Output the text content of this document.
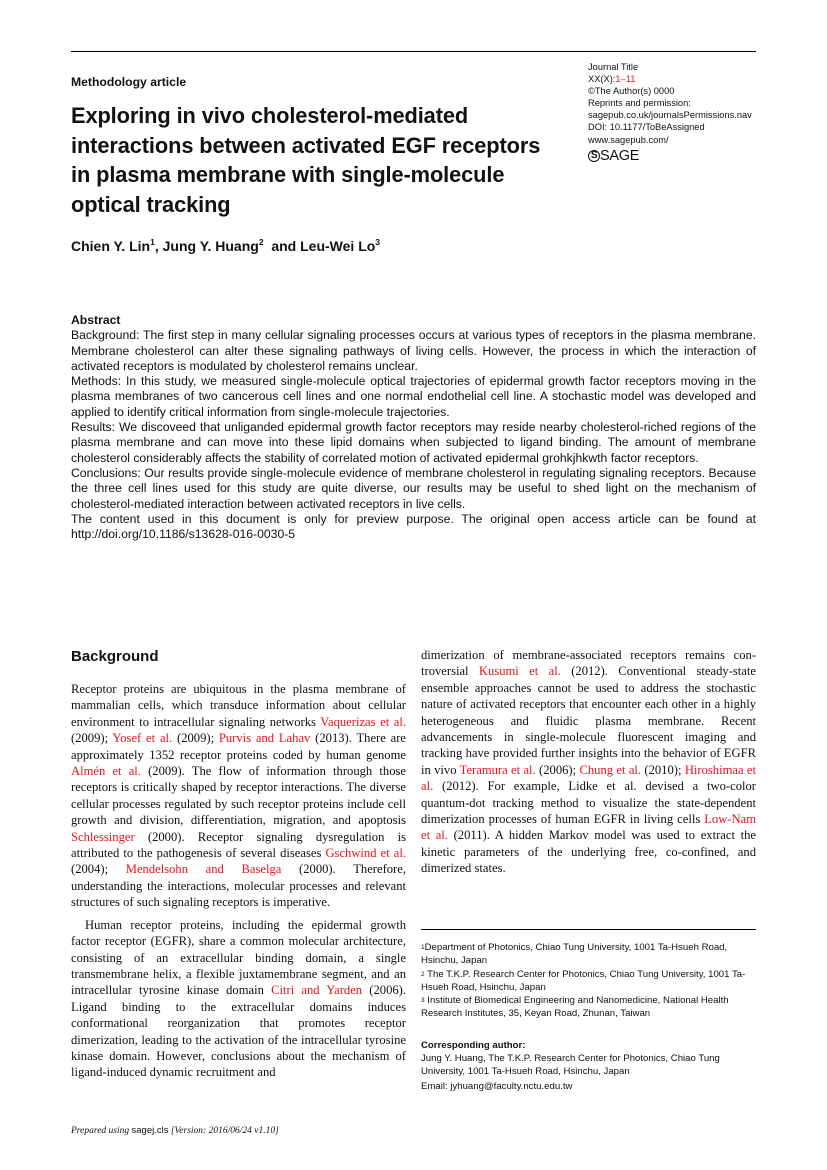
Methodology article
Exploring in vivo cholesterol-mediated interactions between activated EGF receptors in plasma membrane with single-molecule optical tracking
Chien Y. Lin$^1$, Jung Y. Huang$^2$  and Leu-Wei Lo$^3$
Journal Title
XX(X):1–11
©The Author(s) 0000
Reprints and permission:
sagepub.co.uk/journalsPermissions.nav
DOI: 10.1177/ToBeAssigned
www.sagepub.com/
S SAGE
Abstract

Background: The first step in many cellular signaling processes occurs at various types of receptors in the plasma membrane. Membrane cholesterol can alter these signaling pathways of living cells. However, the process in which the interaction of activated receptors is modulated by cholesterol remains unclear.

Methods: In this study, we measured single-molecule optical trajectories of epidermal growth factor receptors moving in the plasma membranes of two cancerous cell lines and one normal endothelial cell line. A stochastic model was developed and applied to identify critical information from single-molecule trajectories.

Results: We discoveed that unliganded epidermal growth factor receptors may reside nearby cholesterol-riched regions of the plasma membrane and can move into these lipid domains when subjected to ligand binding. The amount of membrane cholesterol considerably affects the stability of correlated motion of activated epidermal grohkjhkwth factor receptors.

Conclusions: Our results provide single-molecule evidence of membrane cholesterol in regulating signaling receptors. Because the three cell lines used for this study are quite diverse, our results may be useful to shed light on the mechanism of cholesterol-mediated interaction between activated receptors in live cells.

The content used in this document is only for preview purpose. The original open access article can be found at http://doi.org/10.1186/s13628-016-0030-5

Background

Receptor proteins are ubiquitous in the plasma membrane of mammalian cells, which transduce information about cellular environment to intracellular signaling networks Vaquerizas et al. (2009); Yosef et al. (2009); Purvis and Lahav (2013). There are approximately 1352 receptor proteins coded by human genome Almén et al. (2009). The flow of information through those receptors is critically shaped by receptor interactions. The diverse cellular processes regulated by such receptor proteins include cell growth and division, differentiation, migration, and apoptosis Schlessinger (2000). Receptor signaling dysregulation is attributed to the pathogenesis of several diseases Gschwind et al. (2004); Mendelsohn and Baselga (2000). Therefore, understanding the interactions, molecular processes and relevant structures of such signaling receptors is imperative.

Human receptor proteins, including the epidermal growth factor receptor (EGFR), share a common molecular architecture, consisting of an extracellular binding domain, a single transmembrane helix, a flexible juxtamembrane segment, and an intracellular tyrosine kinase domain Citri and Yarden (2006). Ligand binding to the extracellular domains induces conformational reorganization that promotes receptor dimerization, leading to the activation of the intracellular tyrosine kinase domain. However, conclusions about the mechanism of ligand-induced dynamic recruitment and

dimerization of membrane-associated receptors remains controversial Kusumi et al. (2012). Conventional steady-state ensemble approaches cannot be used to address the stochastic nature of activated receptors that encounter each other in a highly heterogeneous and fluidic plasma membrane. Recent advancements in single-molecule fluorescent imaging and tracking have provided further insights into the behavior of EGFR in vivo Teramura et al. (2006); Chung et al. (2010); Hiroshimaa et al. (2012). For example, Lidke et al. devised a two-color quantum-dot tracking method to visualize the state-dependent dimerization processes of human EGFR in living cells Low-Nam et al. (2011). A hidden Markov model was used to extract the kinetic parameters of the underlying free, co-confined, and dimerized states.

$^1$Department of Photonics, Chiao Tung University, 1001 Ta-Hsueh Road, Hsinchu, Japan

$^2$ The T.K.P. Research Center for Photonics, Chiao Tung University, 1001 Ta-Hsueh Road, Hsinchu, Japan

$^3$ Institute of Biomedical Engineering and Nanomedicine, National Health Research Institutes, 35, Keyan Road, Zhunan, Taiwan

Corresponding author:

Jung Y. Huang, The T.K.P. Research Center for Photonics, Chiao Tung University, 1001 Ta-Hsueh Road, Hsinchu, Japan

Email: jyhuang@faculty.nctu.edu.tw

Prepared using sagej.cls [Version: 2016/06/24 v1.10]
